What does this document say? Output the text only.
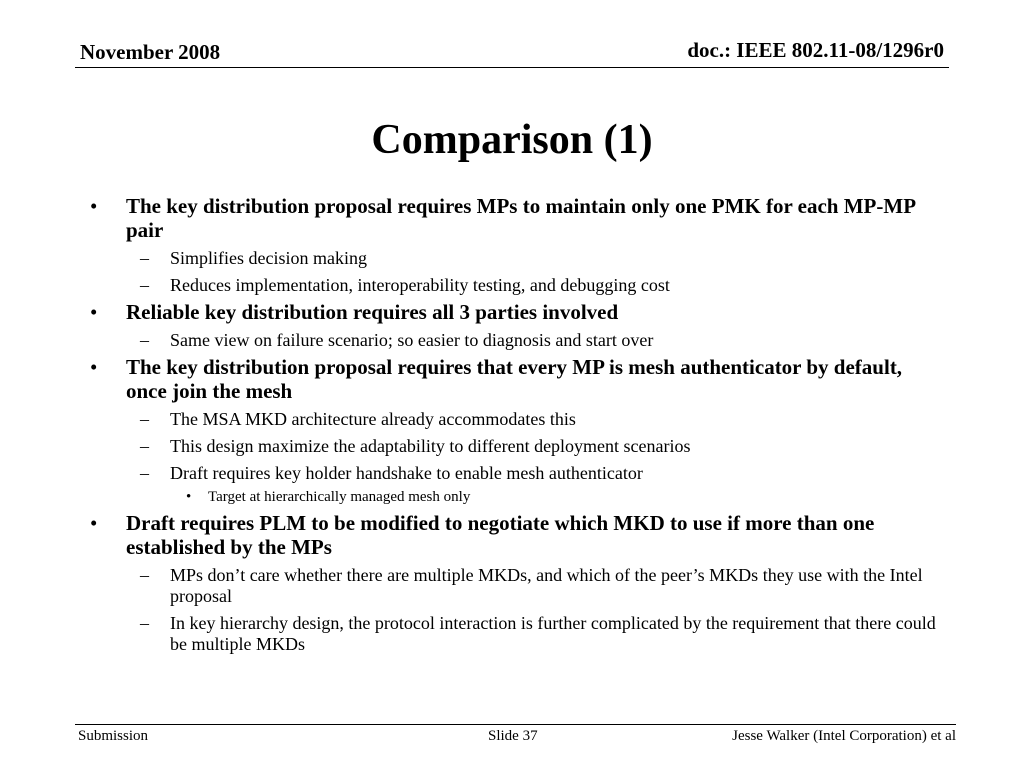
November 2008	doc.: IEEE 802.11-08/1296r0
Comparison (1)
• The key distribution proposal requires MPs to maintain only one PMK for each MP-MP pair
– Simplifies decision making
– Reduces implementation, interoperability testing, and debugging cost
• Reliable key distribution requires all 3 parties involved
– Same view on failure scenario; so easier to diagnosis and start over
• The key distribution proposal requires that every MP is mesh authenticator by default, once join the mesh
– The MSA MKD architecture already accommodates this
– This design maximize the adaptability to different deployment scenarios
– Draft requires key holder handshake to enable mesh authenticator
• Target at hierarchically managed mesh only
• Draft requires PLM to be modified to negotiate which MKD to use if more than one established by the MPs
– MPs don’t care whether there are multiple MKDs, and which of the peer’s MKDs they use with the Intel proposal
– In key hierarchy design, the protocol interaction is further complicated by the requirement that there could be multiple MKDs
Submission	Slide 37	Jesse Walker (Intel Corporation) et al
